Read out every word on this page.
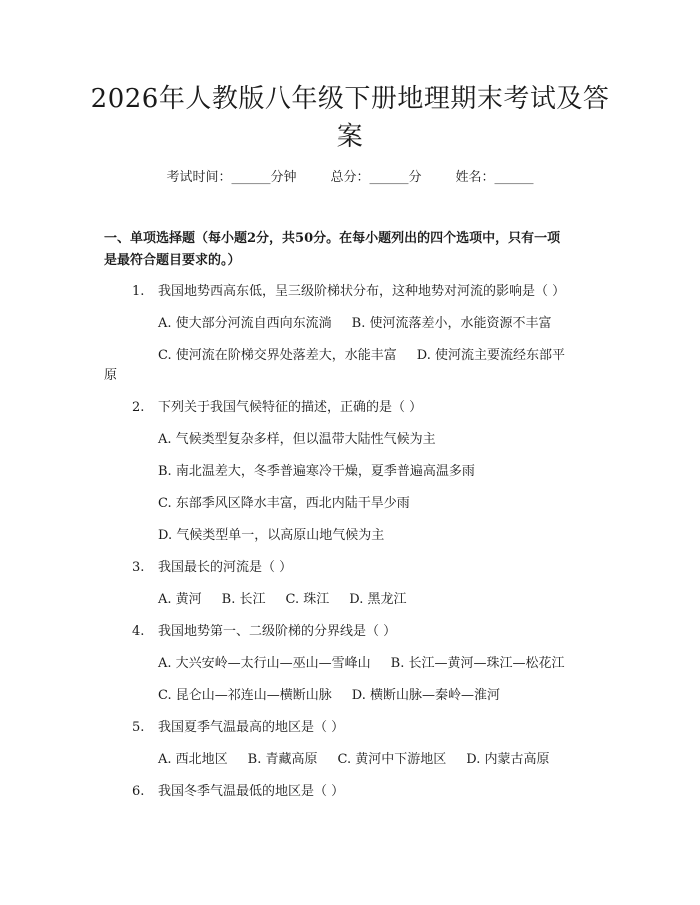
2026年人教版八年级下册地理期末考试及答
案
考试时间：______分钟	总分：______分	姓名：______
一、单项选择题（每小题2分，共50分。在每小题列出的四个选项中，只有一项
是最符合题目要求的。）
1. 我国地势西高东低，呈三级阶梯状分布，这种地势对河流的影响是（ ）
A. 使大部分河流自西向东流淌 B. 使河流落差小，水能资源不丰富
C. 使河流在阶梯交界处落差大，水能丰富 D. 使河流主要流经东部平
原
2. 下列关于我国气候特征的描述，正确的是（ ）
A. 气候类型复杂多样，但以温带大陆性气候为主
B. 南北温差大，冬季普遍寒冷干燥，夏季普遍高温多雨
C. 东部季风区降水丰富，西北内陆干旱少雨
D. 气候类型单一，以高原山地气候为主
3. 我国最长的河流是（ ）
A. 黄河 B. 长江 C. 珠江 D. 黑龙江
4. 我国地势第一、二级阶梯的分界线是（ ）
A. 大兴安岭—太行山—巫山—雪峰山 B. 长江—黄河—珠江—松花江
C. 昆仑山—祁连山—横断山脉 D. 横断山脉—秦岭—淮河
5. 我国夏季气温最高的地区是（ ）
A. 西北地区 B. 青藏高原 C. 黄河中下游地区 D. 内蒙古高原
6. 我国冬季气温最低的地区是（ ）
